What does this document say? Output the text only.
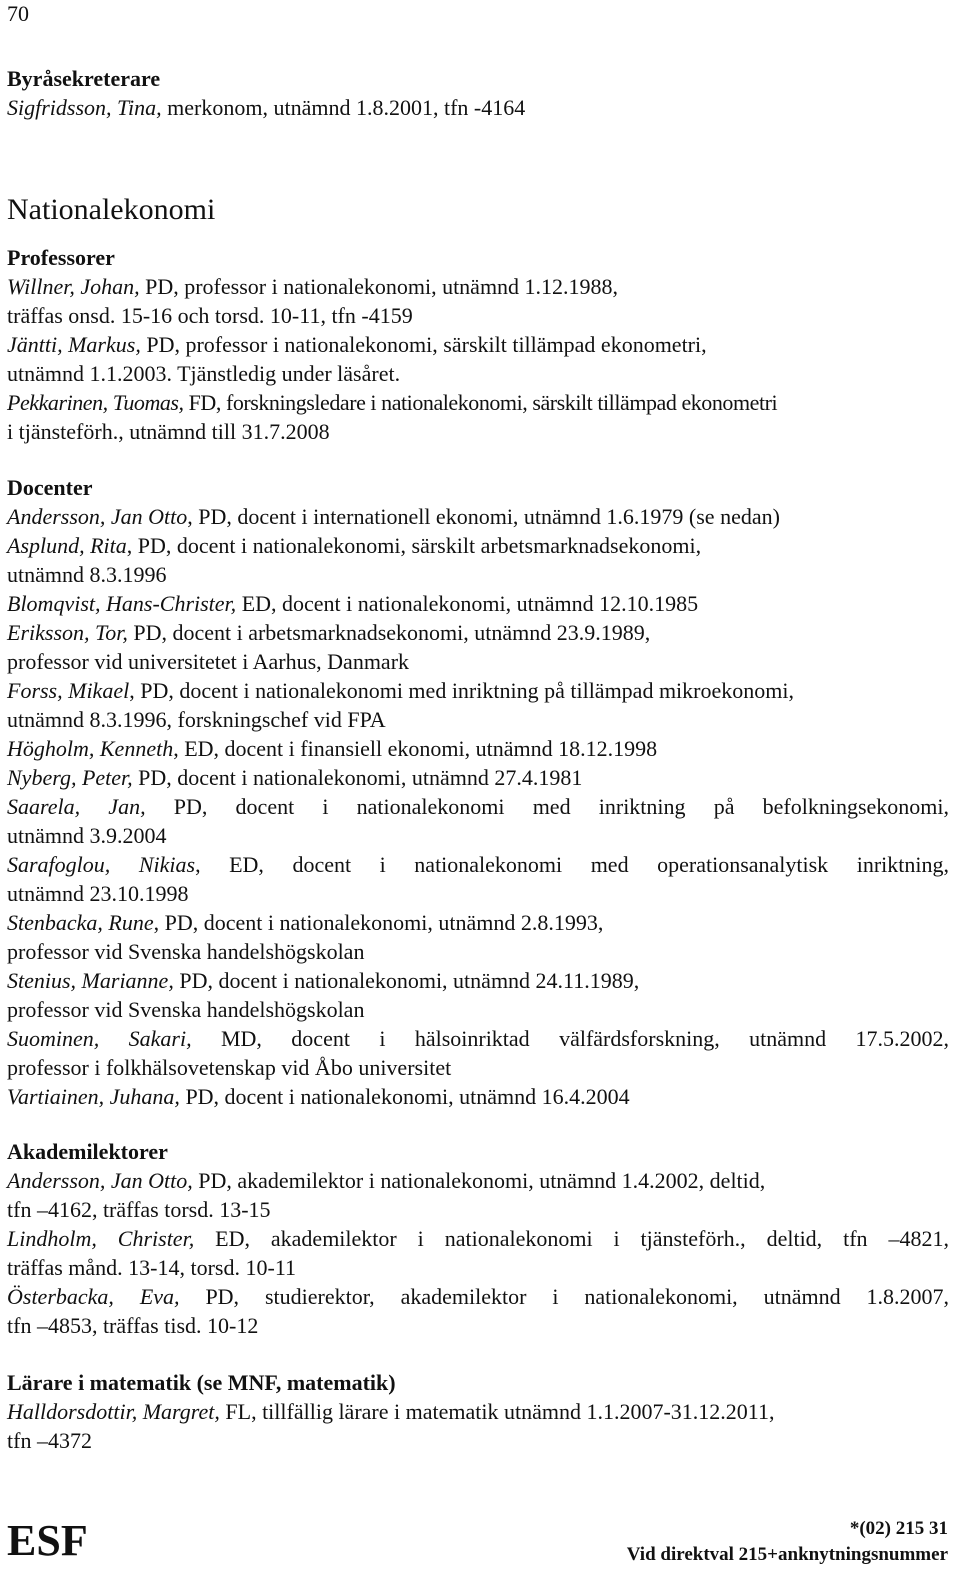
70
Byråsekreterare
Sigfridsson, Tina, merkonom, utnämnd 1.8.2001, tfn -4164
Nationalekonomi
Professorer
Willner, Johan, PD, professor i nationalekonomi, utnämnd 1.12.1988,
träffas onsd. 15-16 och torsd. 10-11, tfn -4159
Jäntti, Markus, PD, professor i nationalekonomi, särskilt tillämpad ekonometri,
utnämnd 1.1.2003. Tjänstledig under läsåret.
Pekkarinen, Tuomas, FD, forskningsledare i nationalekonomi, särskilt tillämpad ekonometri
i tjänsteförh., utnämnd till 31.7.2008
Docenter
Andersson, Jan Otto, PD, docent i internationell ekonomi, utnämnd 1.6.1979 (se nedan)
Asplund, Rita, PD, docent i nationalekonomi, särskilt arbetsmarknadsekonomi,
utnämnd 8.3.1996
Blomqvist, Hans-Christer, ED, docent i nationalekonomi, utnämnd 12.10.1985
Eriksson, Tor, PD, docent i arbetsmarknadsekonomi, utnämnd 23.9.1989,
professor vid universitetet i Aarhus, Danmark
Forss, Mikael, PD, docent i nationalekonomi med inriktning på tillämpad mikroekonomi,
utnämnd 8.3.1996, forskningschef vid FPA
Högholm, Kenneth, ED, docent i finansiell ekonomi, utnämnd 18.12.1998
Nyberg, Peter, PD, docent i nationalekonomi, utnämnd 27.4.1981
Saarela, Jan, PD, docent i nationalekonomi med inriktning på befolkningsekonomi,
utnämnd 3.9.2004
Sarafoglou, Nikias, ED, docent i nationalekonomi med operationsanalytisk inriktning,
utnämnd 23.10.1998
Stenbacka, Rune, PD, docent i nationalekonomi, utnämnd 2.8.1993,
professor vid Svenska handelshögskolan
Stenius, Marianne, PD, docent i nationalekonomi, utnämnd 24.11.1989,
professor vid Svenska handelshögskolan
Suominen, Sakari, MD, docent i hälsoinriktad välfärdsforskning, utnämnd 17.5.2002,
professor i folkhälsovetenskap vid Åbo universitet
Vartiainen, Juhana, PD, docent i nationalekonomi, utnämnd 16.4.2004
Akademilektorer
Andersson, Jan Otto, PD, akademilektor i nationalekonomi, utnämnd 1.4.2002, deltid,
tfn –4162, träffas torsd. 13-15
Lindholm, Christer, ED, akademilektor i nationalekonomi i tjänsteförh., deltid, tfn –4821,
träffas månd. 13-14, torsd. 10-11
Österbacka, Eva, PD, studierektor, akademilektor i nationalekonomi, utnämnd 1.8.2007,
tfn –4853, träffas tisd. 10-12
Lärare i matematik (se MNF, matematik)
Halldorsdottir, Margret, FL, tillfällig lärare i matematik utnämnd 1.1.2007-31.12.2011,
tfn –4372
ESF	*(02) 215 31
Vid direktval 215+anknytningsnummer
